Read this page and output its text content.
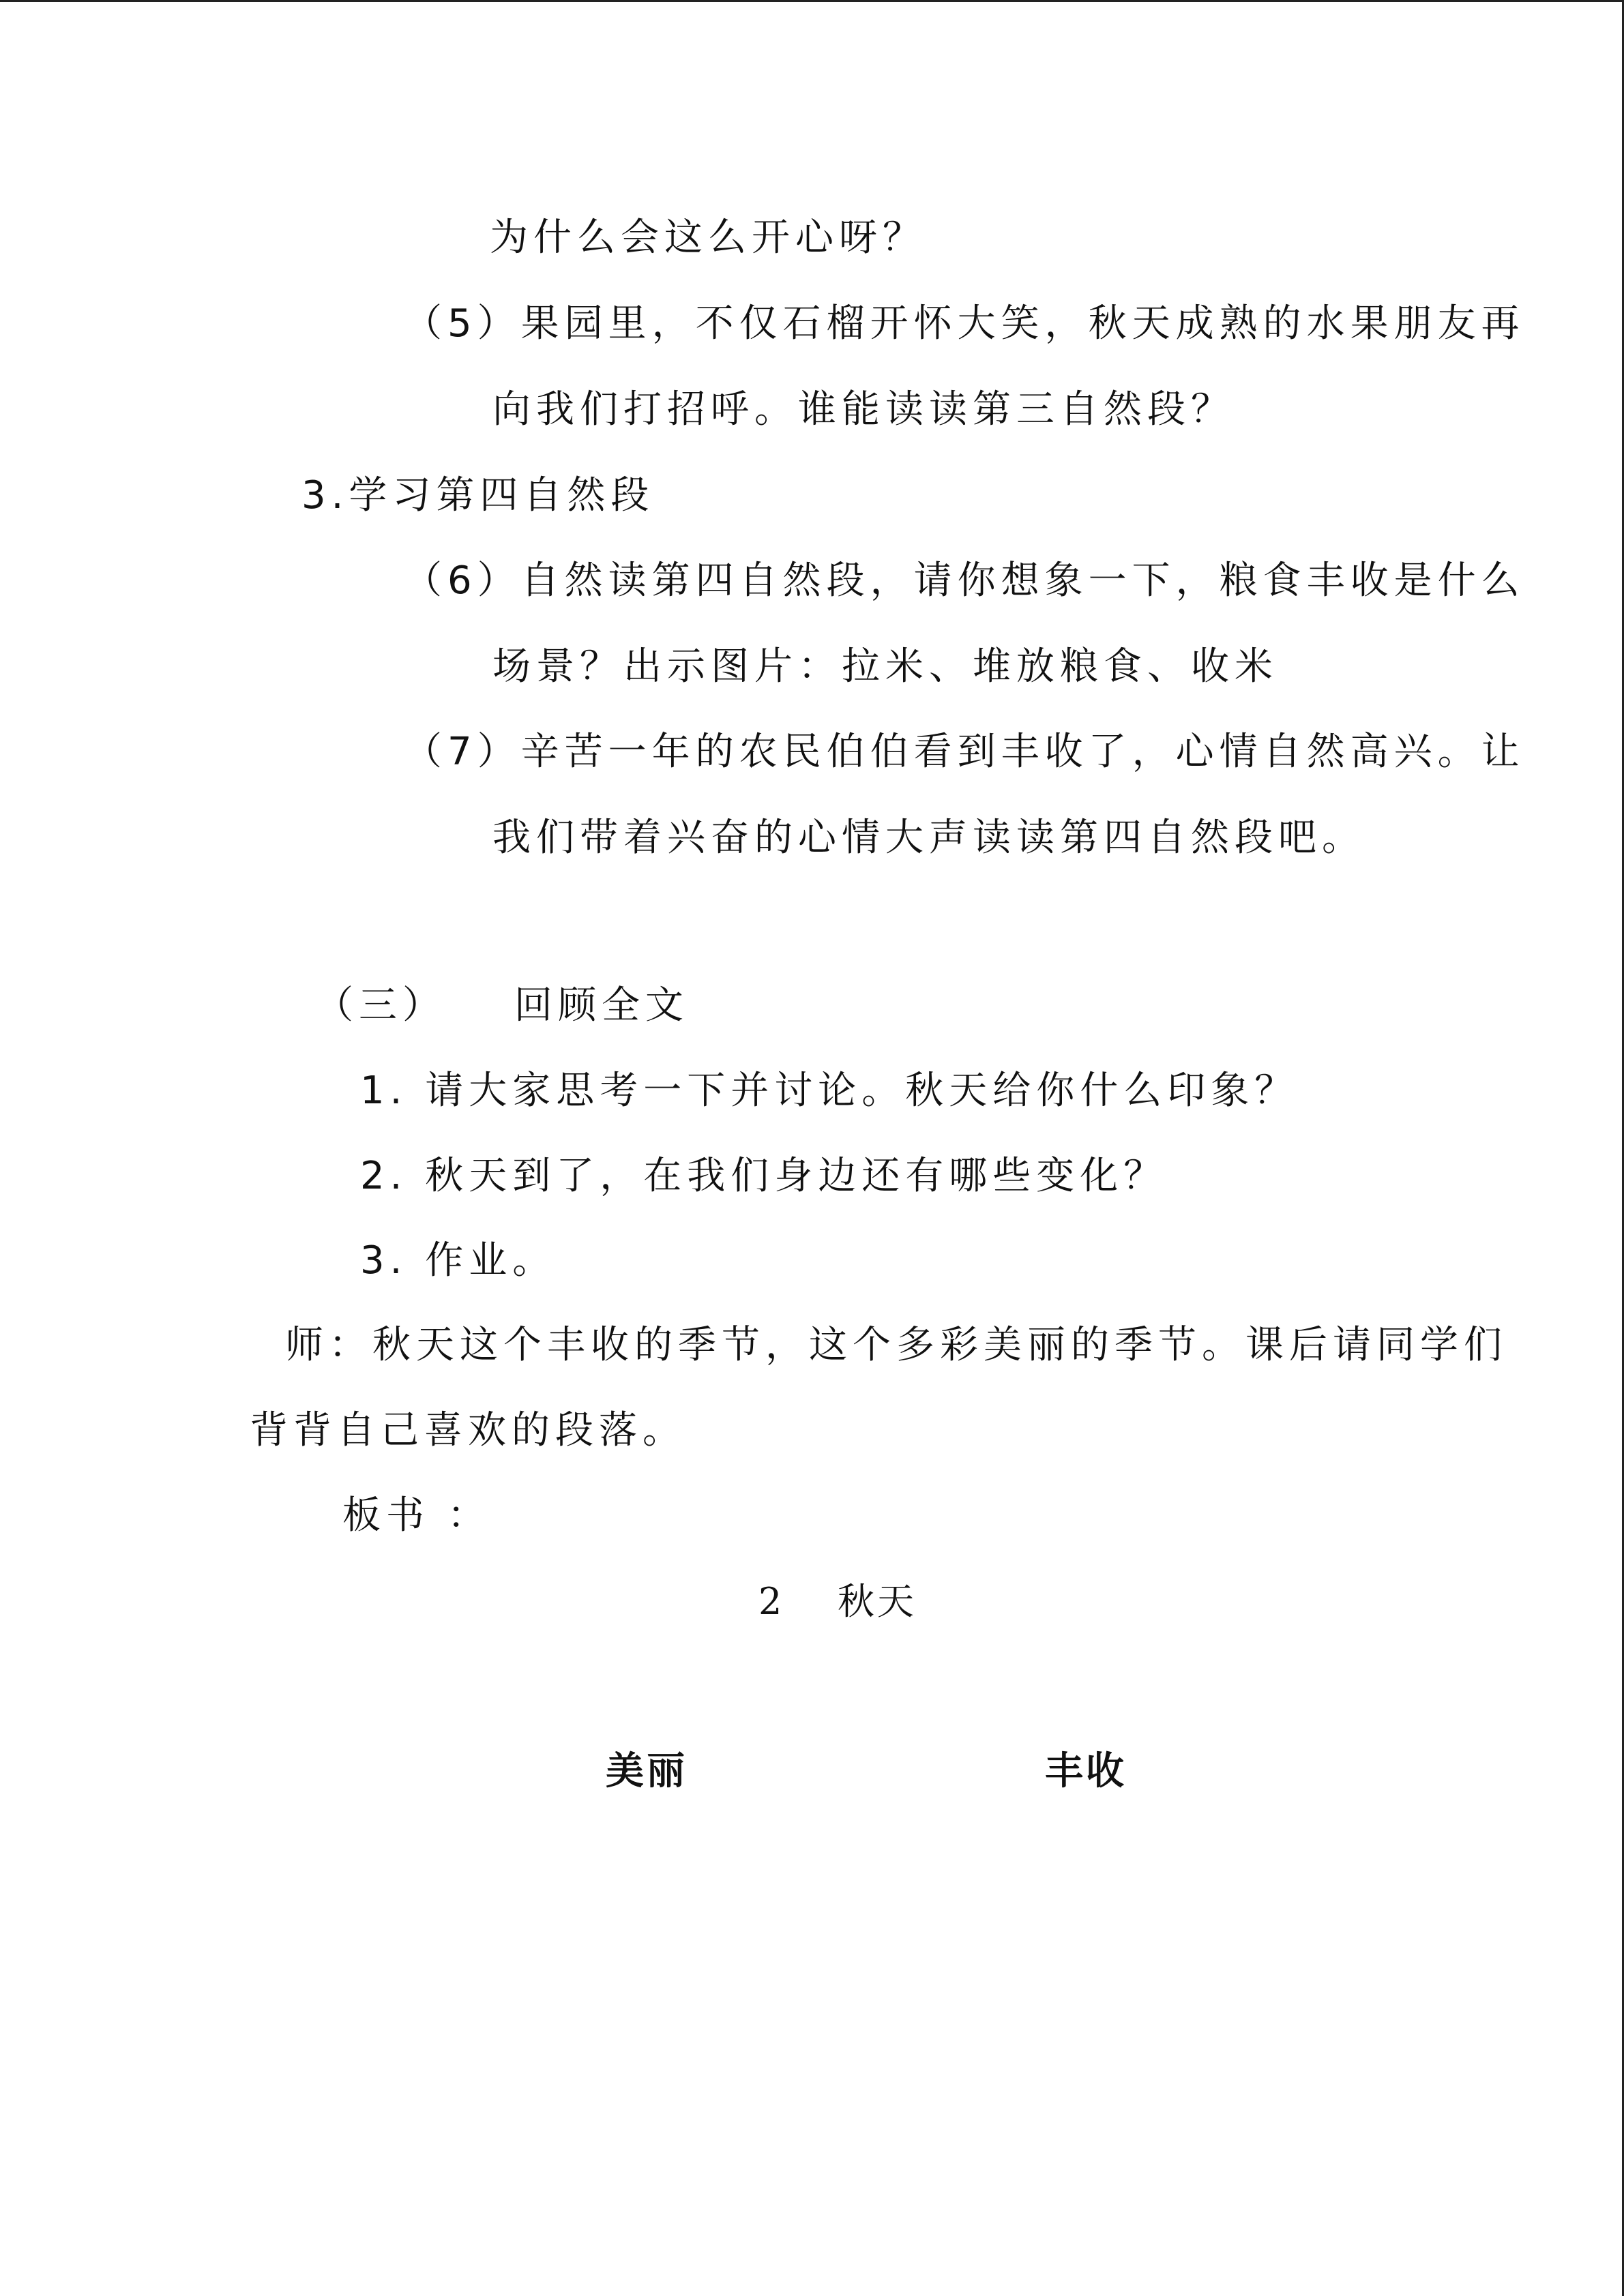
为什么会这么开心呀？
（5）果园里，不仅石榴开怀大笑，秋天成熟的水果朋友再
向我们打招呼。谁能读读第三自然段？
3.学习第四自然段
（6）自然读第四自然段，请你想象一下，粮食丰收是什么
场景？出示图片：拉米、堆放粮食、收米
（7）辛苦一年的农民伯伯看到丰收了，心情自然高兴。让
我们带着兴奋的心情大声读读第四自然段吧。
（三）　　回顾全文
1. 请大家思考一下并讨论。秋天给你什么印象？
2. 秋天到了，在我们身边还有哪些变化？
3. 作业。
师：秋天这个丰收的季节，这个多彩美丽的季节。课后请同学们
背背自己喜欢的段落。
板书 ：
2 秋天
美丽	丰收
